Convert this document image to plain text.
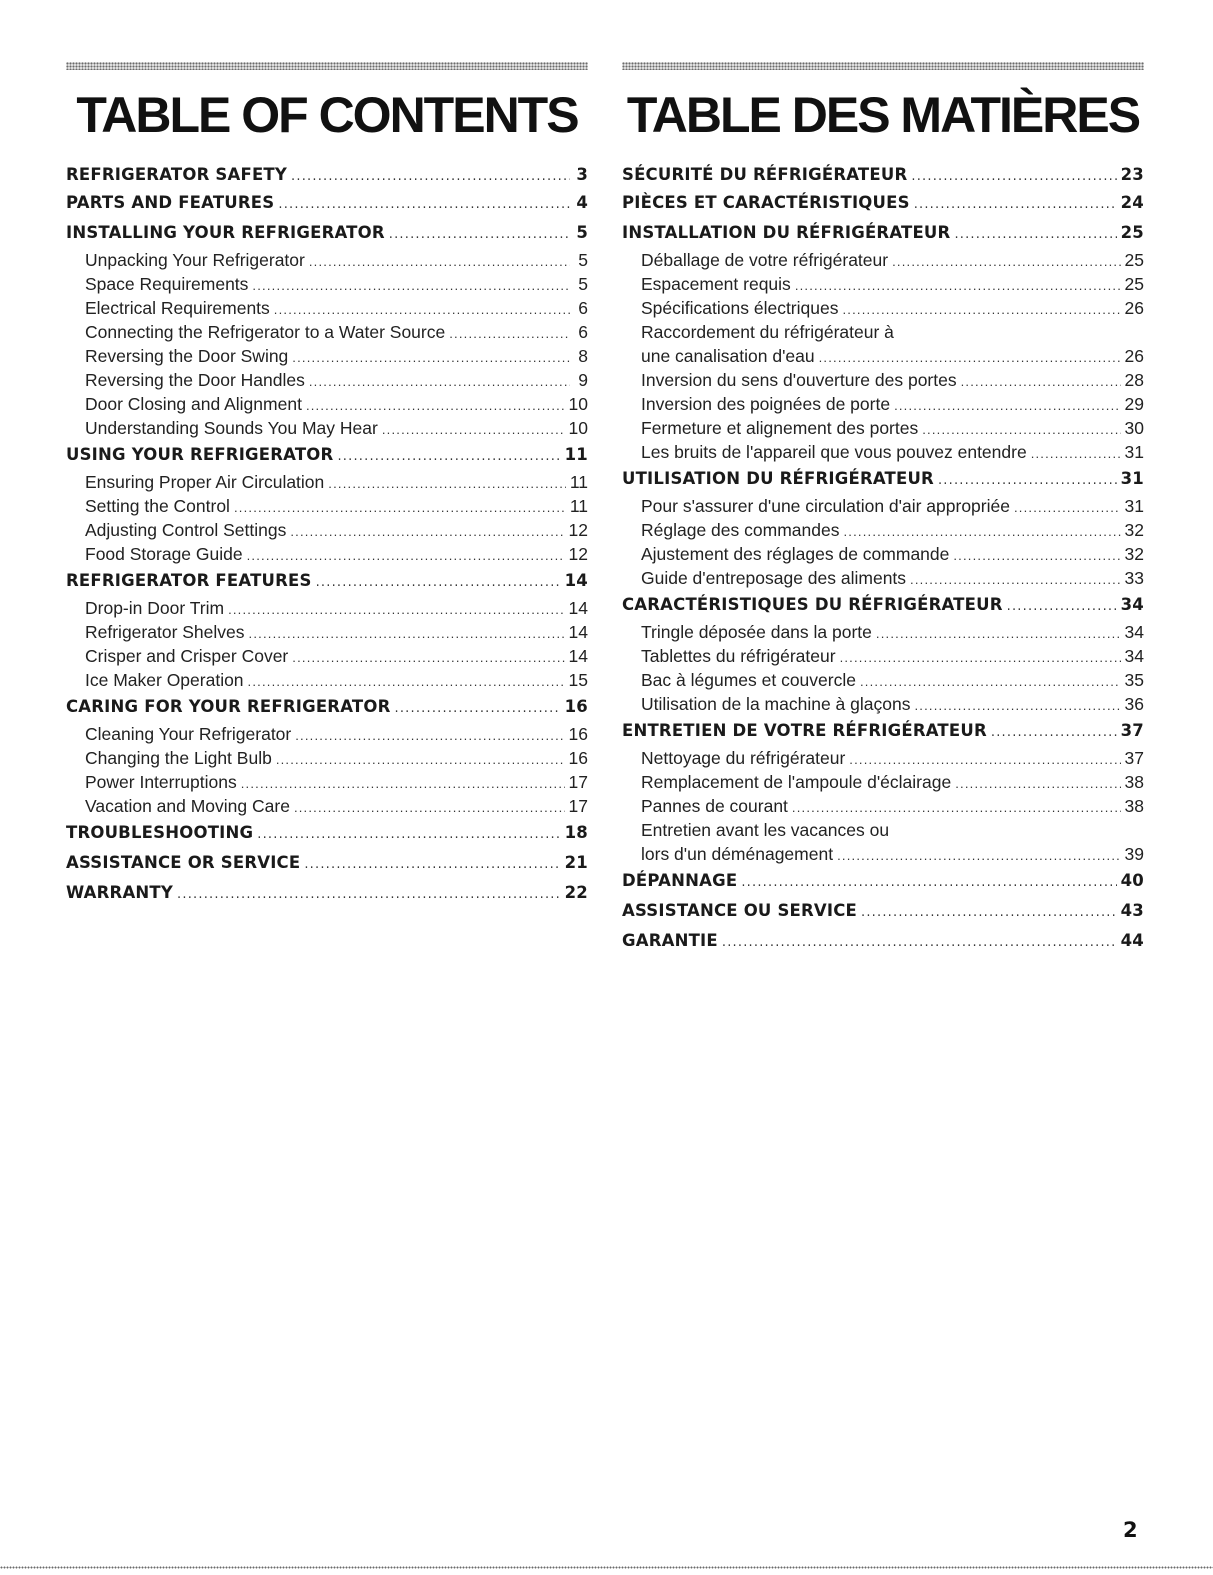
TABLE OF CONTENTS
REFRIGERATOR SAFETY .....	3
PARTS AND FEATURES .....	4
INSTALLING YOUR REFRIGERATOR .....	5
Unpacking Your Refrigerator .....	5
Space Requirements .....	5
Electrical Requirements .....	6
Connecting the Refrigerator to a Water Source .....	6
Reversing the Door Swing .....	8
Reversing the Door Handles .....	9
Door Closing and Alignment .....	10
Understanding Sounds You May Hear .....	10
USING YOUR REFRIGERATOR .....	11
Ensuring Proper Air Circulation .....	11
Setting the Control .....	11
Adjusting Control Settings .....	12
Food Storage Guide .....	12
REFRIGERATOR FEATURES .....	14
Drop-in Door Trim .....	14
Refrigerator Shelves .....	14
Crisper and Crisper Cover .....	14
Ice Maker Operation .....	15
CARING FOR YOUR REFRIGERATOR .....	16
Cleaning Your Refrigerator .....	16
Changing the Light Bulb .....	16
Power Interruptions .....	17
Vacation and Moving Care .....	17
TROUBLESHOOTING .....	18
ASSISTANCE OR SERVICE .....	21
WARRANTY .....	22
TABLE DES MATIÈRES
SÉCURITÉ DU RÉFRIGÉRATEUR .....	23
PIÈCES ET CARACTÉRISTIQUES .....	24
INSTALLATION DU RÉFRIGÉRATEUR .....	25
Déballage de votre réfrigérateur .....	25
Espacement requis .....	25
Spécifications électriques .....	26
Raccordement du réfrigérateur à
une canalisation d'eau .....	26
Inversion du sens d'ouverture des portes .....	28
Inversion des poignées de porte .....	29
Fermeture et alignement des portes .....	30
Les bruits de l'appareil que vous pouvez entendre .....	31
UTILISATION DU RÉFRIGÉRATEUR .....	31
Pour s'assurer d'une circulation d'air appropriée .....	31
Réglage des commandes .....	32
Ajustement des réglages de commande .....	32
Guide d'entreposage des aliments .....	33
CARACTÉRISTIQUES DU RÉFRIGÉRATEUR .....	34
Tringle déposée dans la porte .....	34
Tablettes du réfrigérateur .....	34
Bac à légumes et couvercle .....	35
Utilisation de la machine à glaçons .....	36
ENTRETIEN DE VOTRE RÉFRIGÉRATEUR .....	37
Nettoyage du réfrigérateur .....	37
Remplacement de l'ampoule d'éclairage .....	38
Pannes de courant .....	38
Entretien avant les vacances ou
lors d'un déménagement .....	39
DÉPANNAGE .....	40
ASSISTANCE OU SERVICE .....	43
GARANTIE .....	44
2
